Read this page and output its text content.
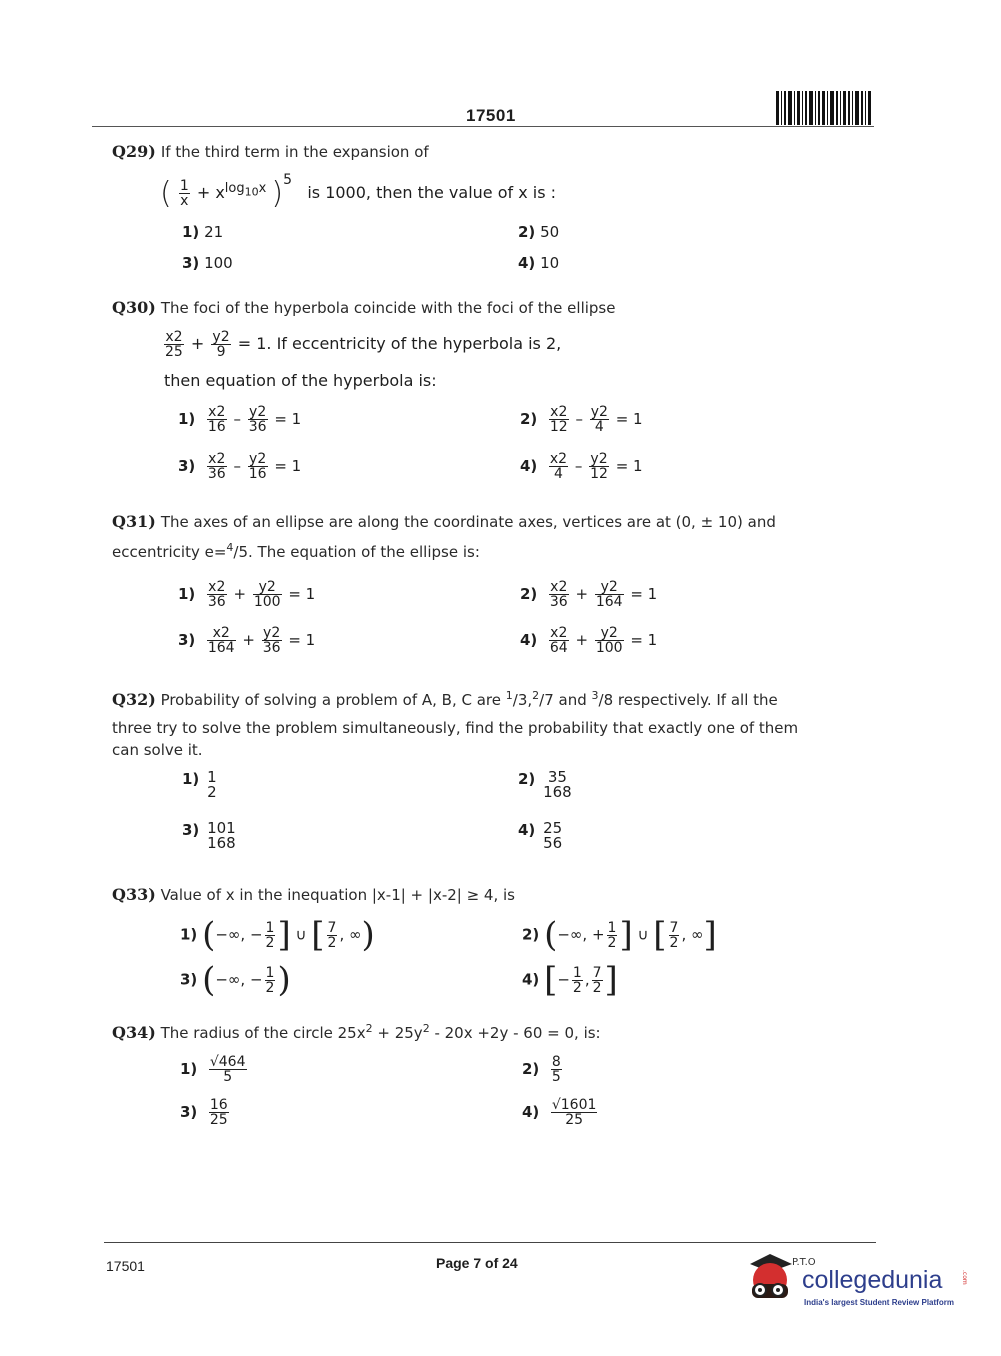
17501
Q29) If the third term in the expansion of
( $\frac{1}{x} + x^{log_{10}x}$ )$^5$   is 1000, then the value of x is :
1) 21	2) 50
3) 100	4) 10
Q30) The foci of the hyperbola coincide with the foci of the ellipse
$\frac{x2}{25} + \frac{y2}{9} = 1$. If eccentricity of the hyperbola is 2,
then equation of the hyperbola is:
$1) \frac{x2}{16} - \frac{y2}{36} = 1$	$2) \frac{x2}{12} - \frac{y2}{4} = 1$
$3) \frac{x2}{36} - \frac{y2}{16} = 1$	$4) \frac{x2}{4} - \frac{y2}{12} = 1$
Q31) The axes of an ellipse are along the coordinate axes, vertices are at (0, ± 10) and
eccentricity e=$^4$/5. The equation of the ellipse is:
$1) \frac{x2}{36} + \frac{y2}{100} = 1$	$2) \frac{x2}{36} + \frac{y2}{164} = 1$
$3) \frac{x2}{164} + \frac{y2}{36} = 1$	$4) \frac{x2}{64} + \frac{y2}{100} = 1$
Q32) Probability of solving a problem of A, B, C are $^1$/3,$^2$/7 and $^3$/8 respectively. If all the
three try to solve the problem simultaneously, find the probability that exactly one of them
can solve it.
1) 1
2
2) 35
168
3) 101
168
4) 25
56
Q33) Value of x in the inequation |x-1| + |x-2| ≥ 4, is
1) (−∞, − $\frac{1}{2}$ ] ∪ [ $\frac{7}{2}$ , ∞)	2) (−∞, + $\frac{1}{2}$ ] ∪ [ $\frac{7}{2}$ , ∞]
3) (−∞, − $\frac{1}{2}$ )	4) [− $\frac{1}{2}$ , $\frac{7}{2}$ ]
Q34) The radius of the circle $25x^2 + 25y^2 - 20x +2y - 60 = 0$, is:
$1) \frac{√464}{5}$	$2) \frac{8}{5}$
$3) \frac{16}{25}$	$4) \frac{√1601}{25}$
17501	Page 7 of 24	P.T.O
collegedunia	.com
India's largest Student Review Platform
